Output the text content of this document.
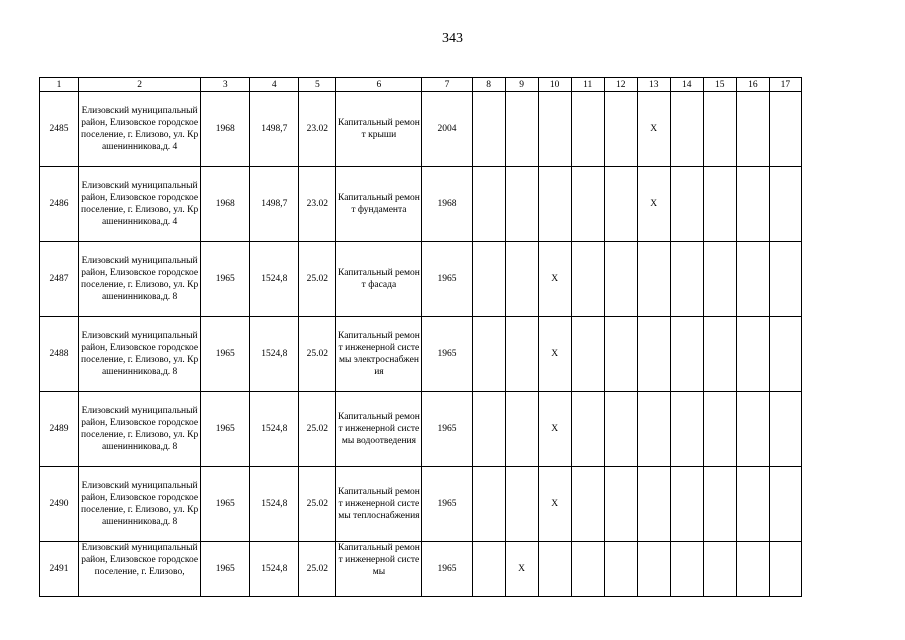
343
1	2	3	4	5	6	7	8	9	10	11	12	13	14	15	16	17
2485	Елизовский муниципальный район, Елизовское городское поселение, г. Елизово, ул. Крашенинникова,д. 4	1968	1498,7	23.02	Капитальный ремонт крыши	2004						X				
2486	Елизовский муниципальный район, Елизовское городское поселение, г. Елизово, ул. Крашенинникова,д. 4	1968	1498,7	23.02	Капитальный ремонт фундамента	1968						X				
2487	Елизовский муниципальный район, Елизовское городское поселение, г. Елизово, ул. Крашенинникова,д. 8	1965	1524,8	25.02	Капитальный ремонт фасада	1965			X							
2488	Елизовский муниципальный район, Елизовское городское поселение, г. Елизово, ул. Крашенинникова,д. 8	1965	1524,8	25.02	Капитальный ремонт инженерной системы электроснабжения	1965			X							
2489	Елизовский муниципальный район, Елизовское городское поселение, г. Елизово, ул. Крашенинникова,д. 8	1965	1524,8	25.02	Капитальный ремонт инженерной системы водоотведения	1965			X							
2490	Елизовский муниципальный район, Елизовское городское поселение, г. Елизово, ул. Крашенинникова,д. 8	1965	1524,8	25.02	Капитальный ремонт инженерной системы теплоснабжения	1965			X							
2491	Елизовский муниципальный район, Елизовское городское поселение, г. Елизово,	1965	1524,8	25.02	Капитальный ремонт инженерной системы	1965		X								
